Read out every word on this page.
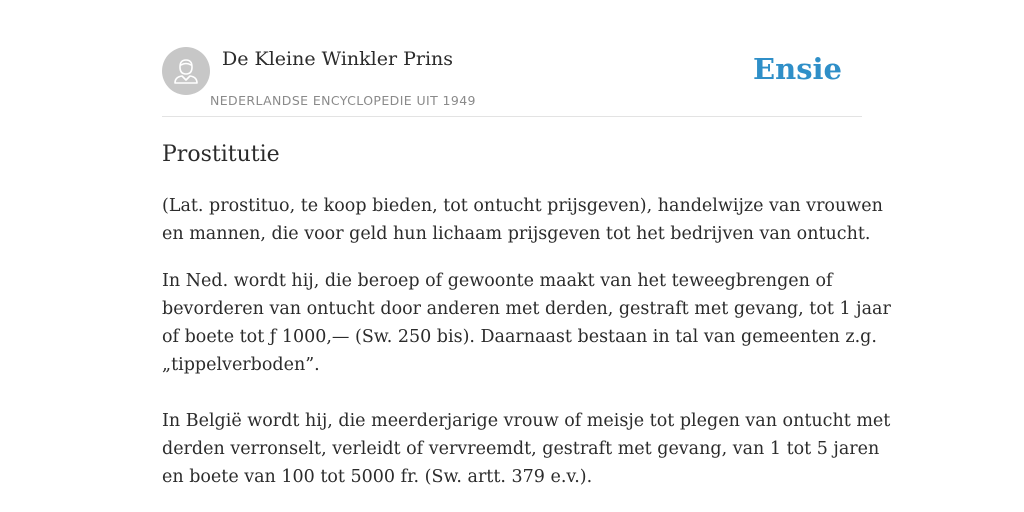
De Kleine Winkler Prins
NEDERLANDSE ENCYCLOPEDIE UIT 1949
Ensie
Prostitutie

(Lat. prostituo, te koop bieden, tot ontucht prijsgeven), handelwijze van vrouwen

en mannen, die voor geld hun lichaam prijsgeven tot het bedrijven van ontucht.

In Ned. wordt hij, die beroep of gewoonte maakt van het teweegbrengen of

bevorderen van ontucht door anderen met derden, gestraft met gevang, tot 1 jaar

of boete tot ƒ 1000,— (Sw. 250 bis). Daarnaast bestaan in tal van gemeenten z.g.

„tippelverboden”.

In België wordt hij, die meerderjarige vrouw of meisje tot plegen van ontucht met

derden verronselt, verleidt of vervreemdt, gestraft met gevang, van 1 tot 5 jaren

en boete van 100 tot 5000 fr. (Sw. artt. 379 e.v.).
